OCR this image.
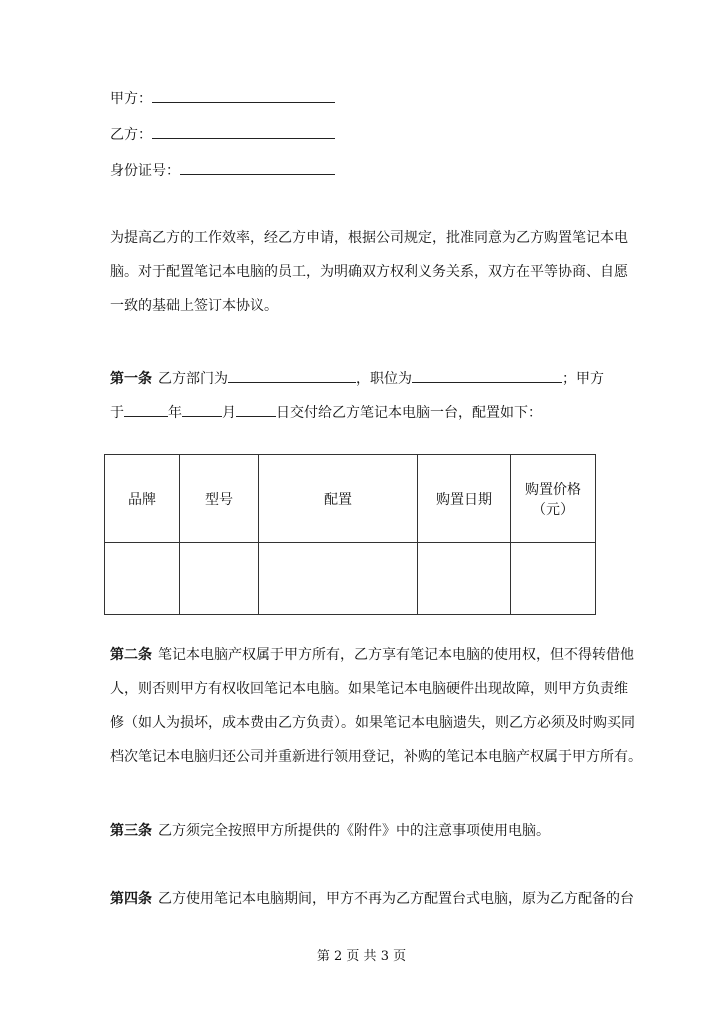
甲方：
乙方：
身份证号：
为提高乙方的工作效率，经乙方申请，根据公司规定，批准同意为乙方购置笔记本电
脑。对于配置笔记本电脑的员工，为明确双方权利义务关系，双方在平等协商、自愿
一致的基础上签订本协议。
第一条 乙方部门为	，职位为	；甲方
于	年	月	日交付给乙方笔记本电脑一台，配置如下：
品牌	型号	配置	购置日期	购置价格（元）

第二条 笔记本电脑产权属于甲方所有，乙方享有笔记本电脑的使用权，但不得转借他
人，则否则甲方有权收回笔记本电脑。如果笔记本电脑硬件出现故障，则甲方负责维
修（如人为损坏，成本费由乙方负责）。如果笔记本电脑遗失，则乙方必须及时购买同
档次笔记本电脑归还公司并重新进行领用登记，补购的笔记本电脑产权属于甲方所有。
第三条 乙方须完全按照甲方所提供的《附件》中的注意事项使用电脑。
第四条 乙方使用笔记本电脑期间，甲方不再为乙方配置台式电脑，原为乙方配备的台
第 2 页 共 3 页
